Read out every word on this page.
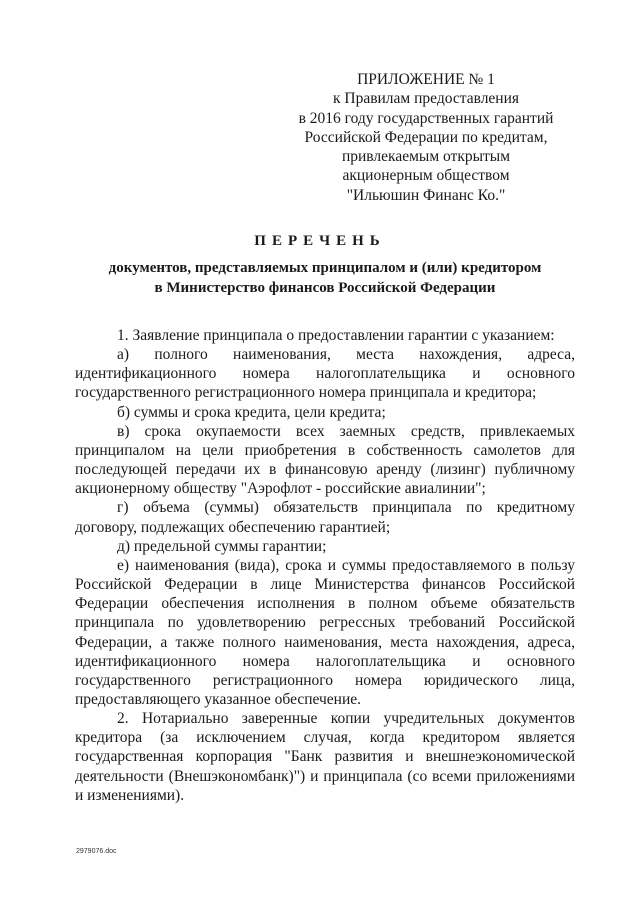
ПРИЛОЖЕНИЕ № 1
к Правилам предоставления
в 2016 году государственных гарантий
Российской Федерации по кредитам,
привлекаемым открытым
акционерным обществом
"Ильюшин Финанс Ко."
ПЕРЕЧЕНЬ
документов, представляемых принципалом и (или) кредитором
в Министерство финансов Российской Федерации

1. Заявление принципала о предоставлении гарантии с указанием:

а) полного наименования, места нахождения, адреса, идентификационного номера налогоплательщика и основного государственного регистрационного номера принципала и кредитора;

б) суммы и срока кредита, цели кредита;

в) срока окупаемости всех заемных средств, привлекаемых принципалом на цели приобретения в собственность самолетов для последующей передачи их в финансовую аренду (лизинг) публичному акционерному обществу "Аэрофлот - российские авиалинии";

г) объема (суммы) обязательств принципала по кредитному договору, подлежащих обеспечению гарантией;

д) предельной суммы гарантии;

е) наименования (вида), срока и суммы предоставляемого в пользу Российской Федерации в лице Министерства финансов Российской Федерации обеспечения исполнения в полном объеме обязательств принципала по удовлетворению регрессных требований Российской Федерации, а также полного наименования, места нахождения, адреса, идентификационного номера налогоплательщика и основного государственного регистрационного номера юридического лица, предоставляющего указанное обеспечение.

2. Нотариально заверенные копии учредительных документов кредитора (за исключением случая, когда кредитором является государственная корпорация "Банк развития и внешнеэкономической деятельности (Внешэкономбанк)") и принципала (со всеми приложениями и изменениями).

2979076.doc
